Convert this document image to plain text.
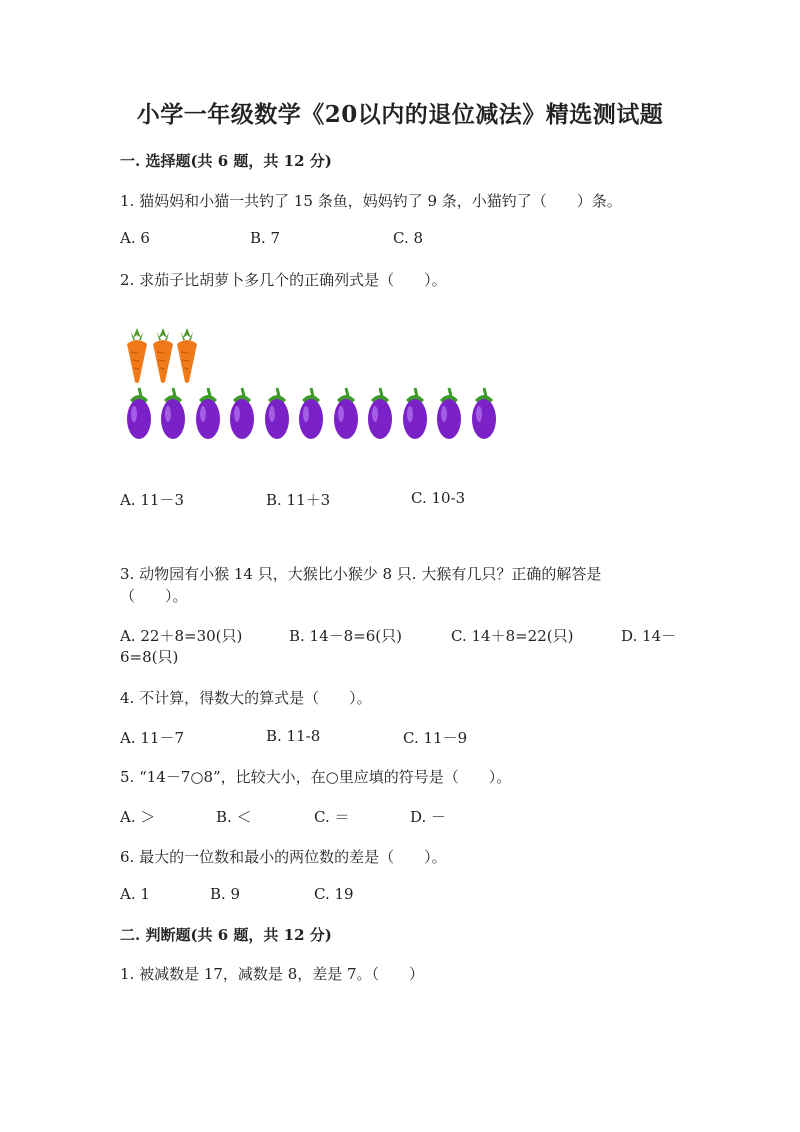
小学一年级数学《20以内的退位减法》精选测试题
一. 选择题(共 6 题，共 12 分)
1. 猫妈妈和小猫一共钓了 15 条鱼，妈妈钓了 9 条，小猫钓了（　　）条。
A. 6	B. 7	C. 8
2. 求茄子比胡萝卜多几个的正确列式是（　　）。
A. 11－3	B. 11＋3	C. 10-3
3. 动物园有小猴 14 只，大猴比小猴少 8 只. 大猴有几只？正确的解答是
（　　）。
A. 22＋8=30(只)	B. 14－8=6(只)	C. 14＋8=22(只)	D. 14－
6=8(只)
4. 不计算，得数大的算式是（　　）。
A. 11－7	B. 11-8	C. 11－9
5. “14－7○8”，比较大小，在○里应填的符号是（　　）。
A. ＞	B. ＜	C. ＝	D. －
6. 最大的一位数和最小的两位数的差是（　　）。
A. 1	B. 9	C. 19
二. 判断题(共 6 题，共 12 分)
1. 被减数是 17，减数是 8，差是 7。（　　）
